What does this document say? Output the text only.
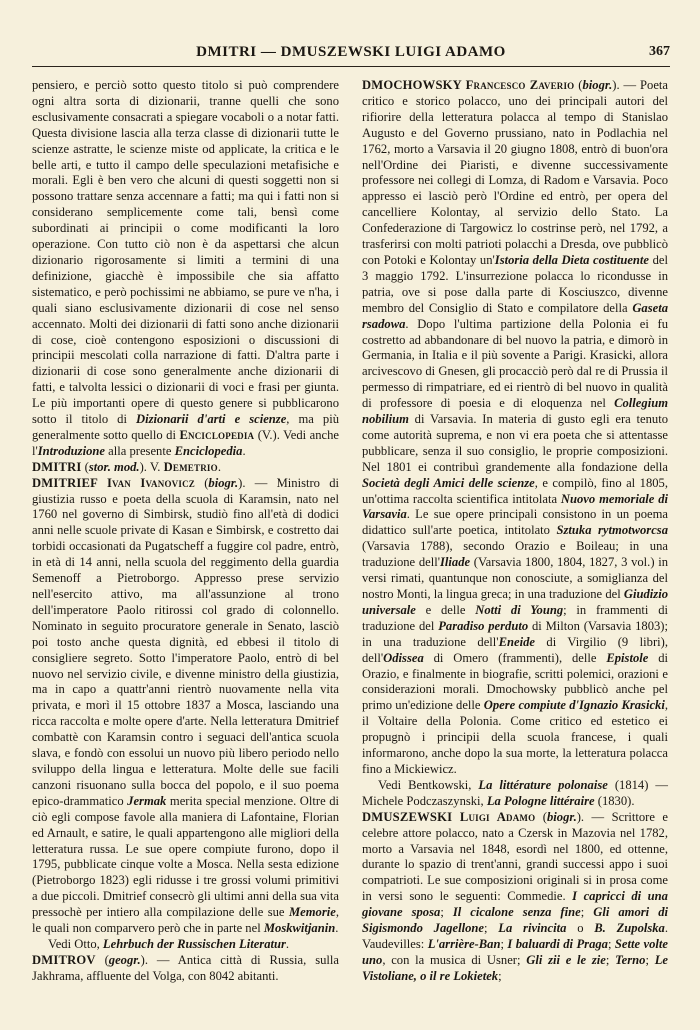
DMITRI — DMUSZEWSKI LUIGI ADAMO	367

pensiero, e perciò sotto questo titolo si può comprendere ogni altra sorta di dizionarii, tranne quelli che sono esclusivamente consacrati a spiegare vocaboli o a notar fatti. Questa divisione lascia alla terza classe di dizionarii tutte le scienze astratte, le scienze miste od applicate, la critica e le belle arti, e tutto il campo delle speculazioni metafisiche e morali. Egli è ben vero che alcuni di questi soggetti non si possono trattare senza accennare a fatti; ma qui i fatti non si considerano semplicemente come tali, bensì come subordinati ai principii o come modificanti la loro operazione. Con tutto ciò non è da aspettarsi che alcun dizionario rigorosamente si limiti a termini di una definizione, giacchè è impossibile che sia affatto sistematico, e però pochissimi ne abbiamo, se pure ve n'ha, i quali siano esclusivamente dizionarii di cose nel senso accennato. Molti dei dizionarii di fatti sono anche dizionarii di cose, cioè contengono esposizioni o discussioni di principii mescolati colla narrazione di fatti. D'altra parte i dizionarii di cose sono generalmente anche dizionarii di fatti, e talvolta lessici o dizionarii di voci e frasi per giunta. Le più importanti opere di questo genere si pubblicarono sotto il titolo di Dizionarii d'arti e scienze, ma più generalmente sotto quello di Enciclopedia (V.). Vedi anche l'Introduzione alla presente Enciclopedia.

DMITRI (stor. mod.). V. Demetrio.

DMITRIEF Ivan Ivanovicz (biogr.). — Ministro di giustizia russo e poeta della scuola di Karamsin, nato nel 1760 nel governo di Simbirsk, studiò fino all'età di dodici anni nelle scuole private di Kasan e Simbirsk, e costretto dai torbidi occasionati da Pugatscheff a fuggire col padre, entrò, in età di 14 anni, nella scuola del reggimento della guardia Semenoff a Pietroborgo. Appresso prese servizio nell'esercito attivo, ma all'assunzione al trono dell'imperatore Paolo ritirossi col grado di colonnello. Nominato in seguito procuratore generale in Senato, lasciò poi tosto anche questa dignità, ed ebbesi il titolo di consigliere segreto. Sotto l'imperatore Paolo, entrò di bel nuovo nel servizio civile, e divenne ministro della giustizia, ma in capo a quattr'anni rientrò nuovamente nella vita privata, e morì il 15 ottobre 1837 a Mosca, lasciando una ricca raccolta e molte opere d'arte. Nella letteratura Dmitrief combattè con Karamsin contro i seguaci dell'antica scuola slava, e fondò con essolui un nuovo più libero periodo nello sviluppo della lingua e letteratura. Molte delle sue facili canzoni risuonano sulla bocca del popolo, e il suo poema epico-drammatico Jermak merita special menzione. Oltre di ciò egli compose favole alla maniera di Lafontaine, Florian ed Arnault, e satire, le quali appartengono alle migliori della letteratura russa. Le sue opere compiute furono, dopo il 1795, pubblicate cinque volte a Mosca. Nella sesta edizione (Pietroborgo 1823) egli ridusse i tre grossi volumi primitivi a due piccoli. Dmitrief consecrò gli ultimi anni della sua vita pressochè per intiero alla compilazione delle sue Memorie, le quali non comparvero però che in parte nel Moskwitjanin.

Vedi Otto, Lehrbuch der Russischen Literatur.

DMITROV (geogr.). — Antica città di Russia, sulla Jakhrama, affluente del Volga, con 8042 abitanti.

DMOCHOWSKY Francesco Zaverio (biogr.). — Poeta critico e storico polacco, uno dei principali autori del rifiorire della letteratura polacca al tempo di Stanislao Augusto e del Governo prussiano, nato in Podlachia nel 1762, morto a Varsavia il 20 giugno 1808, entrò di buon'ora nell'Ordine dei Piaristi, e divenne successivamente professore nei collegi di Lomza, di Radom e Varsavia. Poco appresso ei lasciò però l'Ordine ed entrò, per opera del cancelliere Kolontay, al servizio dello Stato. La Confederazione di Targowicz lo costrinse però, nel 1792, a trasferirsi con molti patrioti polacchi a Dresda, ove pubblicò con Potoki e Kolontay un'Istoria della Dieta costituente del 3 maggio 1792. L'insurrezione polacca lo ricondusse in patria, ove si pose dalla parte di Kosciuszco, divenne membro del Consiglio di Stato e compilatore della Gaseta rsadowa. Dopo l'ultima partizione della Polonia ei fu costretto ad abbandonare di bel nuovo la patria, e dimorò in Germania, in Italia e il più sovente a Parigi. Krasicki, allora arcivescovo di Gnesen, gli procacciò però dal re di Prussia il permesso di rimpatriare, ed ei rientrò di bel nuovo in qualità di professore di poesia e di eloquenza nel Collegium nobilium di Varsavia. In materia di gusto egli era tenuto come autorità suprema, e non vi era poeta che si attentasse pubblicare, senza il suo consiglio, le proprie composizioni. Nel 1801 ei contribuì grandemente alla fondazione della Società degli Amici delle scienze, e compilò, fino al 1805, un'ottima raccolta scientifica intitolata Nuovo memoriale di Varsavia. Le sue opere principali consistono in un poema didattico sull'arte poetica, intitolato Sztuka rytmotworcsa (Varsavia 1788), secondo Orazio e Boileau; in una traduzione dell'Iliade (Varsavia 1800, 1804, 1827, 3 vol.) in versi rimati, quantunque non conosciute, a somiglianza del nostro Monti, la lingua greca; in una traduzione del Giudizio universale e delle Notti di Young; in frammenti di traduzione del Paradiso perduto di Milton (Varsavia 1803); in una traduzione dell'Eneide di Virgilio (9 libri), dell'Odissea di Omero (frammenti), delle Epistole di Orazio, e finalmente in biografie, scritti polemici, orazioni e considerazioni morali. Dmochowsky pubblicò anche pel primo un'edizione delle Opere compiute d'Ignazio Krasicki, il Voltaire della Polonia. Come critico ed estetico ei propugnò i principii della scuola francese, i quali informarono, anche dopo la sua morte, la letteratura polacca fino a Mickiewicz.

Vedi Bentkowski, La littérature polonaise (1814) — Michele Podczaszynski, La Pologne littéraire (1830).

DMUSZEWSKI Luigi Adamo (biogr.). — Scrittore e celebre attore polacco, nato a Czersk in Mazovia nel 1782, morto a Varsavia nel 1848, esordì nel 1800, ed ottenne, durante lo spazio di trent'anni, grandi successi appo i suoi compatrioti. Le sue composizioni originali si in prosa come in versi sono le seguenti: Commedie. I capricci di una giovane sposa; Il cicalone senza fine; Gli amori di Sigismondo Jagellone; La rivincita o B. Zupolska. Vaudevilles: L'arrière-Ban; I baluardi di Praga; Sette volte uno, con la musica di Usner; Gli zii e le zie; Terno; Le Vistoliane, o il re Lokietek;
